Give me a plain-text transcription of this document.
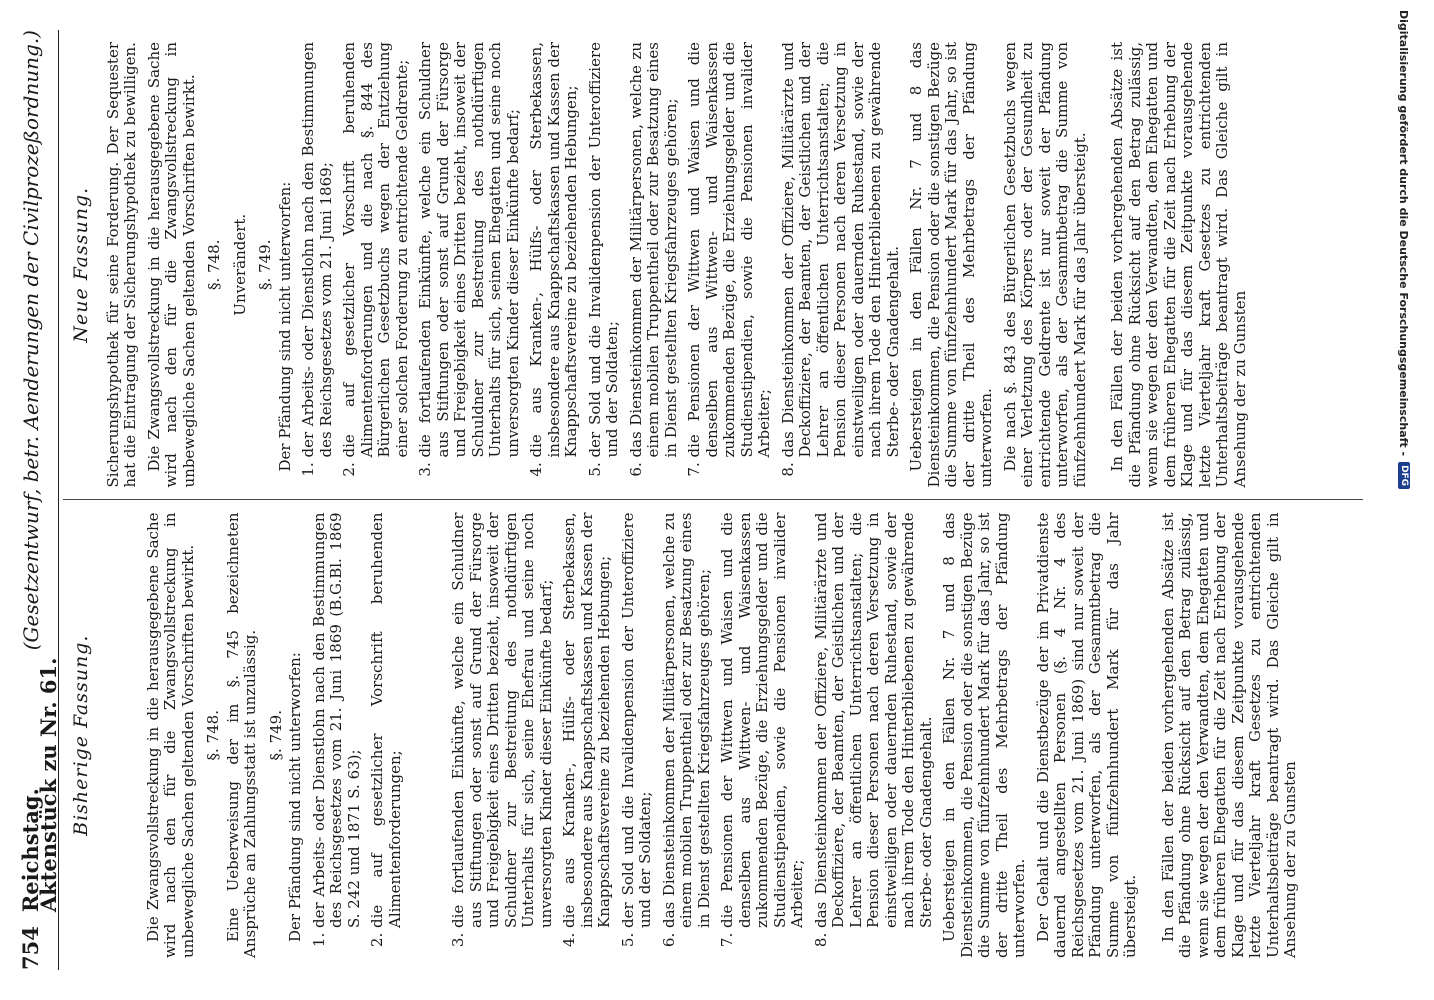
754
Reichstag. Aktenstück zu Nr. 61.
(Gesetzentwurf, betr. Aenderungen der Civilprozeßordnung.)
Bisherige Fassung.	Die Zwangsvollstreckung in die herausgegebene Sache wird nach den für die Zwangsvollstreckung in unbewegliche Sachen geltenden Vorschriften bewirkt. §. 748. Eine Ueberweisung der im §. 745 bezeichneten Ansprüche an Zahlungsstatt ist unzulässig. §. 749. Der Pfändung sind nicht unterworfen: 1. der Arbeits- oder Dienstlohn nach den Bestimmungen des Reichsgesetzes vom 21. Juni 1869 (B.G.Bl. 1869 S. 242 und 1871 S. 63); 2. die auf gesetzlicher Vorschrift beruhenden Alimentenforderungen;	3. die fortlaufenden Einkünfte, welche ein Schuldner aus Stiftungen oder sonst auf Grund der Fürsorge und Freigebigkeit eines Dritten bezieht, insoweit der Schuldner zur Bestreitung des nothdürftigen Unterhalts für sich, seine Ehefrau und seine noch unversorgten Kinder dieser Einkünfte bedarf; 4. die aus Kranken-, Hülfs- oder Sterbekassen, insbesondere aus Knappschaftskassen und Kassen der Knappschaftsvereine zu beziehenden Hebungen; 5. der Sold und die Invalidenpension der Unteroffiziere und der Soldaten; 6. das Diensteinkommen der Militärpersonen, welche zu einem mobilen Truppentheil oder zur Besatzung eines in Dienst gestellten Kriegsfahrzeuges gehören; 7. die Pensionen der Wittwen und Waisen und die denselben aus Wittwen- und Waisenkassen zukommenden Bezüge, die Erziehungsgelder und die Studienstipendien, sowie die Pensionen invalider Arbeiter; 8. das Diensteinkommen der Offiziere, Militärärzte und Deckoffiziere, der Beamten, der Geistlichen und der Lehrer an öffentlichen Unterrichtsanstalten; die Pension dieser Personen nach deren Versetzung in einstweiligen oder dauernden Ruhestand, sowie der nach ihrem Tode den Hinterbliebenen zu gewährende Sterbe- oder Gnadengehalt. Uebersteigen in den Fällen Nr. 7 und 8 das Diensteinkommen, die Pension oder die sonstigen Bezüge die Summe von fünfzehnhundert Mark für das Jahr, so ist der dritte Theil des Mehrbetrags der Pfändung unterworfen. Der Gehalt und die Dienstbezüge der im Privatdienste dauernd angestellten Personen (§. 4 Nr. 4 des Reichsgesetzes vom 21. Juni 1869) sind nur soweit der Pfändung unterworfen, als der Gesammtbetrag die Summe von fünfzehnhundert Mark für das Jahr übersteigt. In den Fällen der beiden vorhergehenden Absätze ist die Pfändung ohne Rücksicht auf den Betrag zulässig, wenn sie wegen der den Verwandten, dem Ehegatten und dem früheren Ehegatten für die Zeit nach Erhebung der Klage und für das diesem Zeitpunkte vorausgehende letzte Vierteljahr kraft Gesetzes zu entrichtenden Unterhaltsbeiträge beantragt wird. Das Gleiche gilt in Ansehung der zu Gunsten

Neue Fassung. Sicherungshypothek für seine Forderung. Der Sequester hat die Eintragung der Sicherungshypothek zu bewilligen. Die Zwangsvollstreckung in die herausgegebene Sache wird nach den für die Zwangsvollstreckung in unbewegliche Sachen geltenden Vorschriften bewirkt. §. 748. Unverändert. §. 749. Der Pfändung sind nicht unterworfen: 1. der Arbeits- oder Dienstlohn nach den Bestimmungen des Reichsgesetzes vom 21. Juni 1869; 2. die auf gesetzlicher Vorschrift beruhenden Alimentenforderungen und die nach §. 844 des Bürgerlichen Gesetzbuchs wegen der Entziehung einer solchen Forderung zu entrichtende Geldrente; 3. die fortlaufenden Einkünfte, welche ein Schuldner aus Stiftungen oder sonst auf Grund der Fürsorge und Freigebigkeit eines Dritten bezieht, insoweit der Schuldner zur Bestreitung des nothdürftigen Unterhalts für sich, seinen Ehegatten und seine noch unversorgten Kinder dieser Einkünfte bedarf; 4. die aus Kranken-, Hülfs- oder Sterbekassen, insbesondere aus Knappschaftskassen und Kassen der Knappschaftsvereine zu beziehenden Hebungen; 5. der Sold und die Invalidenpension der Unteroffiziere und der Soldaten; 6. das Diensteinkommen der Militärpersonen, welche zu einem mobilen Truppentheil oder zur Besatzung eines in Dienst gestellten Kriegsfahrzeuges gehören; 7. die Pensionen der Wittwen und Waisen und die denselben aus Wittwen- und Waisenkassen zukommenden Bezüge, die Erziehungsgelder und die Studienstipendien, sowie die Pensionen invalider Arbeiter; 8. das Diensteinkommen der Offiziere, Militärärzte und Deckoffiziere, der Beamten, der Geistlichen und der Lehrer an öffentlichen Unterrichtsanstalten; die Pension dieser Personen nach deren Versetzung in einstweiligen oder dauernden Ruhestand, sowie der nach ihrem Tode den Hinterbliebenen zu gewährende Sterbe- oder Gnadengehalt. Uebersteigen in den Fällen Nr. 7 und 8 das Diensteinkommen, die Pension oder die sonstigen Bezüge die Summe von fünfzehnhundert Mark für das Jahr, so ist der dritte Theil des Mehrbetrags der Pfändung unterworfen. Die nach §. 843 des Bürgerlichen Gesetzbuchs wegen einer Verletzung des Körpers oder der Gesundheit zu entrichtende Geldrente ist nur soweit der Pfändung unterworfen, als der Gesammtbetrag die Summe von fünfzehnhundert Mark für das Jahr übersteigt. In den Fällen der beiden vorhergehenden Absätze ist die Pfändung ohne Rücksicht auf den Betrag zulässig, wenn sie wegen der den Verwandten, dem Ehegatten und dem früheren Ehegatten für die Zeit nach Erhebung der Klage und für das diesem Zeitpunkte vorausgehende letzte Vierteljahr kraft Gesetzes zu entrichtenden Unterhaltsbeiträge beantragt wird. Das Gleiche gilt in Ansehung der zu Gunsten	Digitalisierung gefördert durch die Deutsche Forschungsgemeinschaft -
DFG
